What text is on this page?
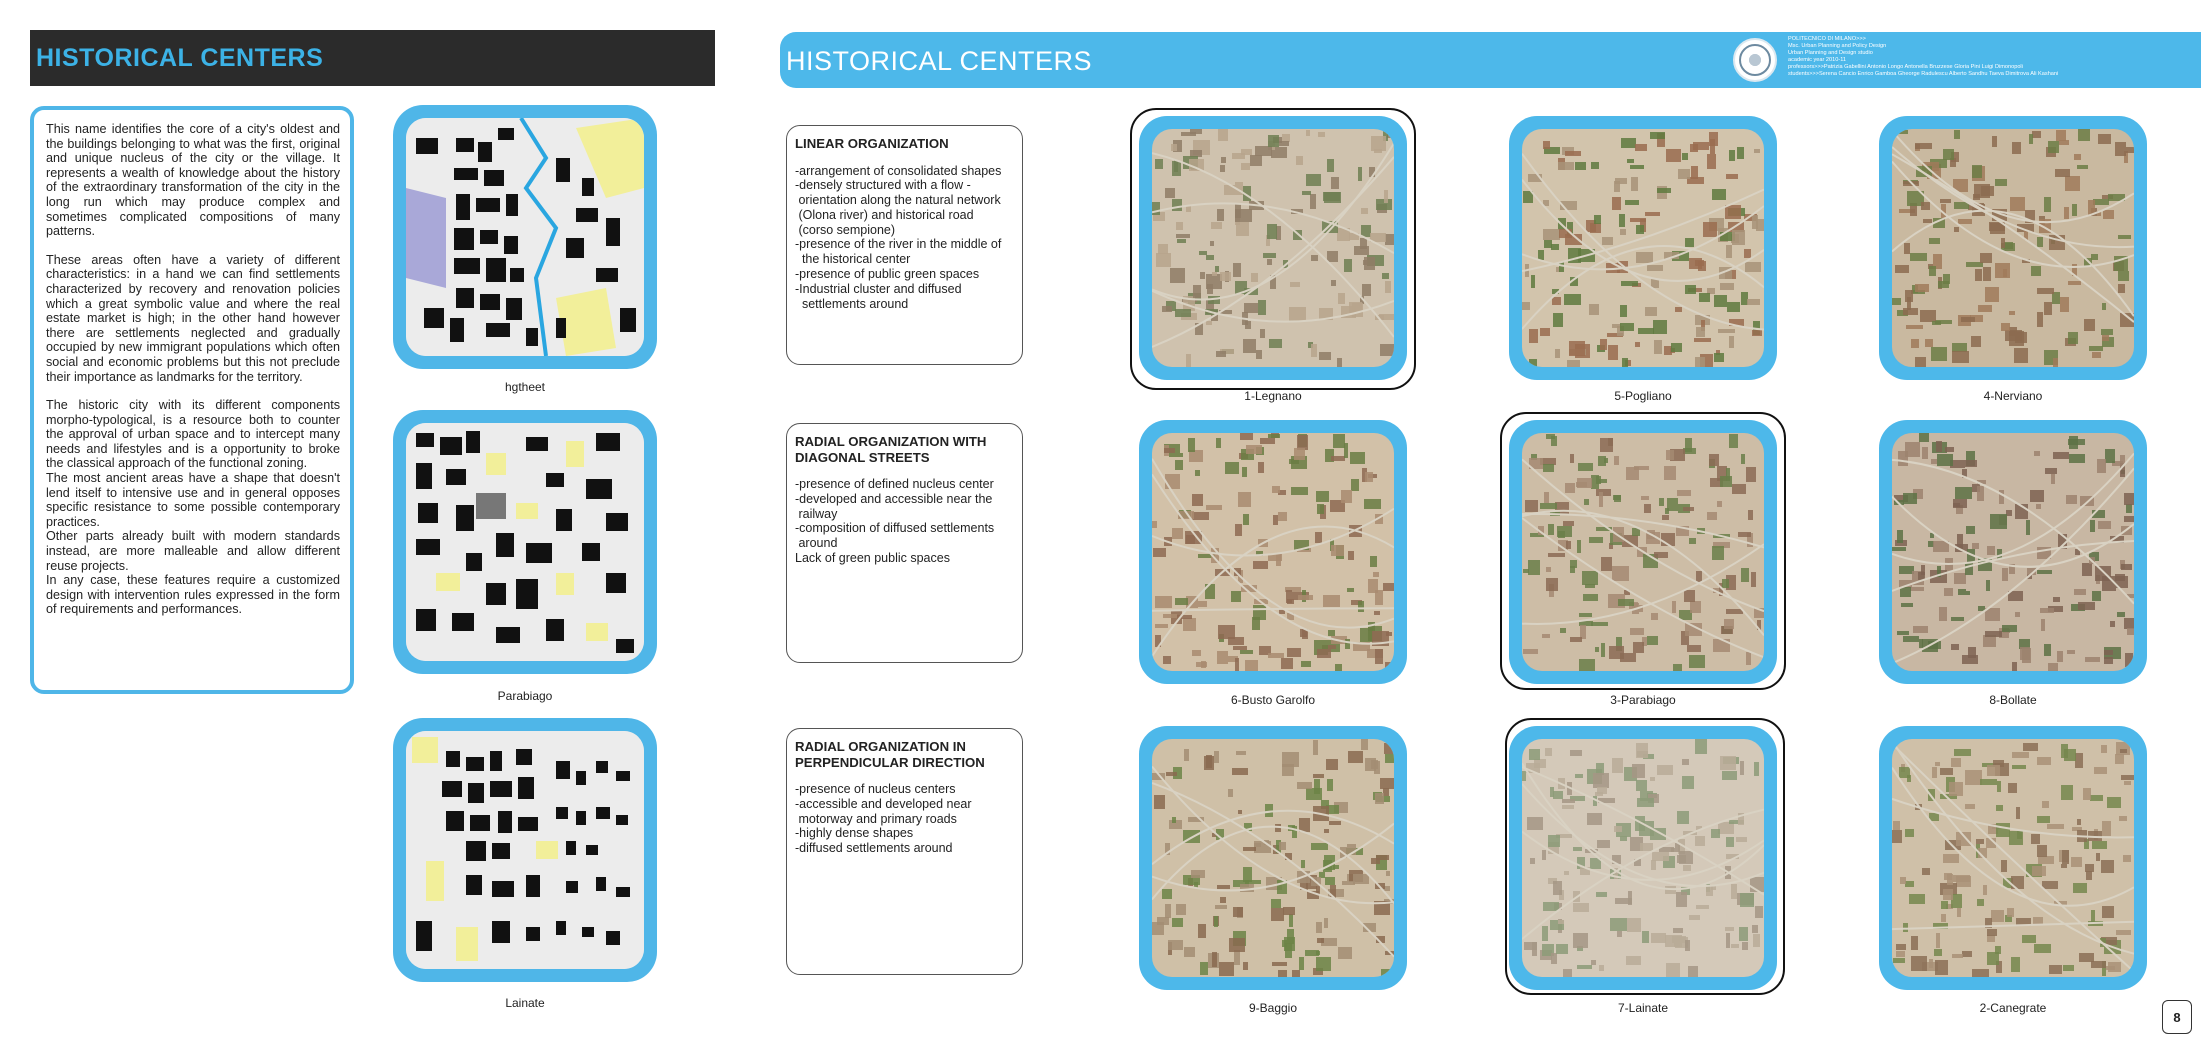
HISTORICAL CENTERS

This name identifies the core of a city's oldest and the buildings belonging to what was the first, original and unique nucleus of the city or the village. It represents a wealth of knowledge about the history of the extraordinary transformation of the city in the long run which may produce complex and sometimes complicated compositions of many patterns.

These areas often have a variety of different characteristics: in a hand we can find settlements characterized by recovery and renovation policies which a great symbolic value and where the real estate market is high; in the other hand however there are settlements neglected and gradually occupied by new immigrant populations which often social and economic problems but this not preclude their importance as landmarks for the territory.

The historic city with its different components morpho-typological, is a resource both to counter the approval of urban space and to intercept many needs and lifestyles and is a opportunity to broke the classical approach of the functional zoning.

The most ancient areas have a shape that doesn't lend itself to intensive use and in general opposes specific resistance to some possible contemporary practices.

Other parts already built with modern standards instead, are more malleable and allow different reuse projects.

In any case, these features require a customized design with intervention rules expressed in the form of requirements and performances.

hgtheet
Parabiago
Lainate
HISTORICAL CENTERS
POLITECNICO DI MILANO>>>
Msc. Urban Planning and Policy Design
Urban Planning and Design studio
academic year 2010-11
professors>>>Patrizia Gabellini Antonio Longo Antonella Bruzzese Gloria Pini Luigi Dimonopoli
students>>>Serena Cancio Enrico Gamboa Gheorge Radulescu Alberto Sandhu Taeva Dimitrova Ali Kashani
LINEAR ORGANIZATION
-arrangement of consolidated shapes
-densely structured with a flow -
orientation along the natural network
(Olona river) and historical road
(corso sempione)
-presence of the river in the middle of
the historical center
-presence of public green spaces
-Industrial cluster and diffused
settlements around
RADIAL ORGANIZATION WITH DIAGONAL STREETS
-presence of defined nucleus center
-developed and accessible near the
railway
-composition of diffused settlements
around
Lack of green public spaces
RADIAL ORGANIZATION IN PERPENDICULAR DIRECTION
-presence of nucleus centers
-accessible and developed near
motorway and primary roads
-highly dense shapes
-diffused settlements around
1-Legnano	5-Pogliano	4-Nerviano
6-Busto Garolfo	3-Parabiago	8-Bollate
9-Baggio	7-Lainate	2-Canegrate
8
